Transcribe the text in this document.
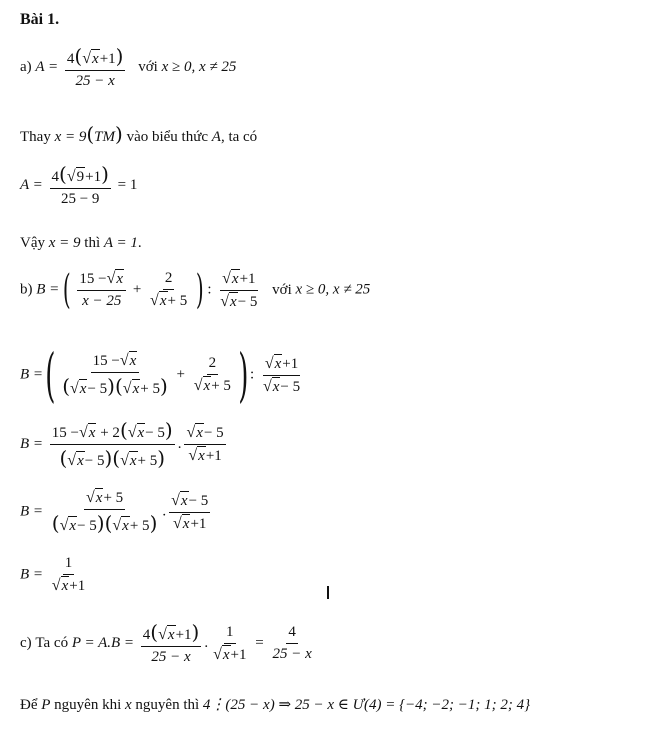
Bài 1.
a) $A = \frac{4(√x+1)}{25 - x}$ với x ≥ 0, x ≠ 25
Thay x = 9(TM) vào biểu thức A, ta có
$A = \frac{4(√9+1)}{25 - 9} = 1$
Vậy x = 9 thì A = 1.
b) B = ( $\frac{15 -√x}{x - 25} + \frac{2}{√x+ 5}$ ) : $\frac{√x+1}{√x- 5}$ với x ≥ 0, x ≠ 25
B = ( $\frac{15 -√x}{(√x- 5)(√x+ 5)} + \frac{2}{√x+ 5}$ ) : $\frac{√x+1}{√x- 5}$
$B = \frac{15 -√x + 2(√x- 5)}{(√x- 5)(√x+ 5)}$ . $\frac{√x- 5}{√x+1}$
$B = \frac{√x+ 5}{(√x- 5)(√x+ 5)}$ . $\frac{√x- 5}{√x+1}$
$B = \frac{1}{√x+1}$
c) Ta có $P = A.B = \frac{4(√x+1)}{25 - x}$ . $\frac{1}{√x+1} = \frac{4}{25 - x}$
Để P nguyên khi x nguyên thì 4⋮(25 − x) ⇒ 25 − x ∈ Ư(4) = {−4; −2; −1; 1; 2; 4}
